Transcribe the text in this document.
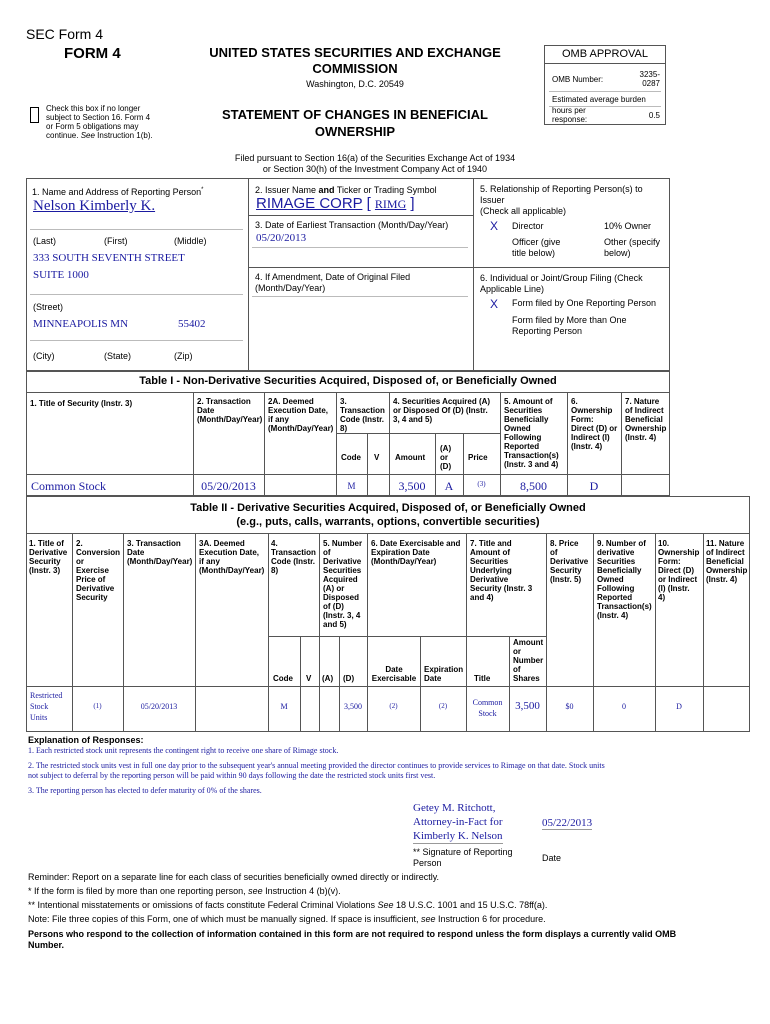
SEC Form 4
FORM 4	UNITED STATES SECURITIES AND EXCHANGE
COMMISSION
Washington, D.C. 20549
STATEMENT OF CHANGES IN BENEFICIAL
OWNERSHIP
Check this box if no longer
subject to Section 16. Form 4
or Form 5 obligations may
continue. See Instruction 1(b).
OMB APPROVAL
OMB Number:
3235-
0287
Estimated average burden
hours per
response:	0.5
Filed pursuant to Section 16(a) of the Securities Exchange Act of 1934
or Section 30(h) of the Investment Company Act of 1940
1. Name and Address of Reporting Person*
Nelson Kimberly K.
(Last)	(First)	(Middle)
333 SOUTH SEVENTH STREET
SUITE 1000
(Street)
MINNEAPOLIS MN	55402
(City)	(State)	(Zip)
2. Issuer Name and Ticker or Trading Symbol
RIMAGE CORP [ RIMG ]
3. Date of Earliest Transaction (Month/Day/Year)
05/20/2013
4. If Amendment, Date of Original Filed
(Month/Day/Year)
5. Relationship of Reporting Person(s) to
Issuer
(Check all applicable)
X Director	10% Owner
Officer (give
title below)
Other (specify
below)
6. Individual or Joint/Group Filing (Check
Applicable Line)
X Form filed by One Reporting Person
Form filed by More than One
Reporting Person
Table I - Non-Derivative Securities Acquired, Disposed of, or Beneficially Owned
1. Title of Security (Instr. 3)	2. Transaction
Date
(Month/Day/Year)
2A. Deemed
Execution Date,
if any
(Month/Day/Year)
3.
Transaction
Code (Instr.
8)
4. Securities Acquired (A)
or Disposed Of (D) (Instr.
3, 4 and 5)
5. Amount of
Securities
Beneficially
Owned
Following
Reported
Transaction(s)
(Instr. 3 and 4)
6.
Ownership
Form:
Direct (D) or
Indirect (I)
(Instr. 4)
7. Nature
of Indirect
Beneficial
Ownership
(Instr. 4)
Code V Amount
(A)
or
(D)
Price
Common Stock	05/20/2013	M	3,500	A	(3)	8,500	D
Table II - Derivative Securities Acquired, Disposed of, or Beneficially Owned
(e.g., puts, calls, warrants, options, convertible securities)
1. Title of
Derivative
Security
(Instr. 3)
2.
Conversion
or
Exercise
Price of
Derivative
Security
3. Transaction
Date
(Month/Day/Year)
3A. Deemed
Execution Date,
if any
(Month/Day/Year)
4.
Transaction
Code (Instr.
8)
5. Number
of
Derivative
Securities
Acquired
(A) or
Disposed
of (D)
(Instr. 3, 4
and 5)
6. Date Exercisable and
Expiration Date
(Month/Day/Year)
7. Title and
Amount of
Securities
Underlying
Derivative
Security (Instr. 3
and 4)
8. Price
of
Derivative
Security
(Instr. 5)
9. Number of
derivative
Securities
Beneficially
Owned
Following
Reported
Transaction(s)
(Instr. 4)
10.
Ownership
Form:
Direct (D)
or Indirect
(I) (Instr.
4)
11. Nature
of Indirect
Beneficial
Ownership
(Instr. 4)
Code V (A) (D)
Date
Exercisable
Expiration
Date	Title
Amount
or
Number
of
Shares
Restricted
Stock
Units
(1)	05/20/2013	M	3,500	(2)	(2)	Common
Stock
3,500	$0	0	D
Explanation of Responses:
1. Each restricted stock unit represents the contingent right to receive one share of Rimage stock.
2. The restricted stock units vest in full one day prior to the subsequent year's annual meeting provided the director continues to provide services to Rimage on that date. Stock units
not subject to deferral by the reporting person will be paid within 90 days following the date the restricted stock units first vest.
3. The reporting person has elected to defer maturity of 0% of the shares.
Getey M. Ritchott,
Attorney-in-Fact for
Kimberly K. Nelson
05/22/2013
** Signature of Reporting
Person	Date
Reminder: Report on a separate line for each class of securities beneficially owned directly or indirectly.
* If the form is filed by more than one reporting person, see Instruction 4 (b)(v).
** Intentional misstatements or omissions of facts constitute Federal Criminal Violations See 18 U.S.C. 1001 and 15 U.S.C. 78ff(a).
Note: File three copies of this Form, one of which must be manually signed. If space is insufficient, see Instruction 6 for procedure.
Persons who respond to the collection of information contained in this form are not required to respond unless the form displays a currently valid OMB
Number.
